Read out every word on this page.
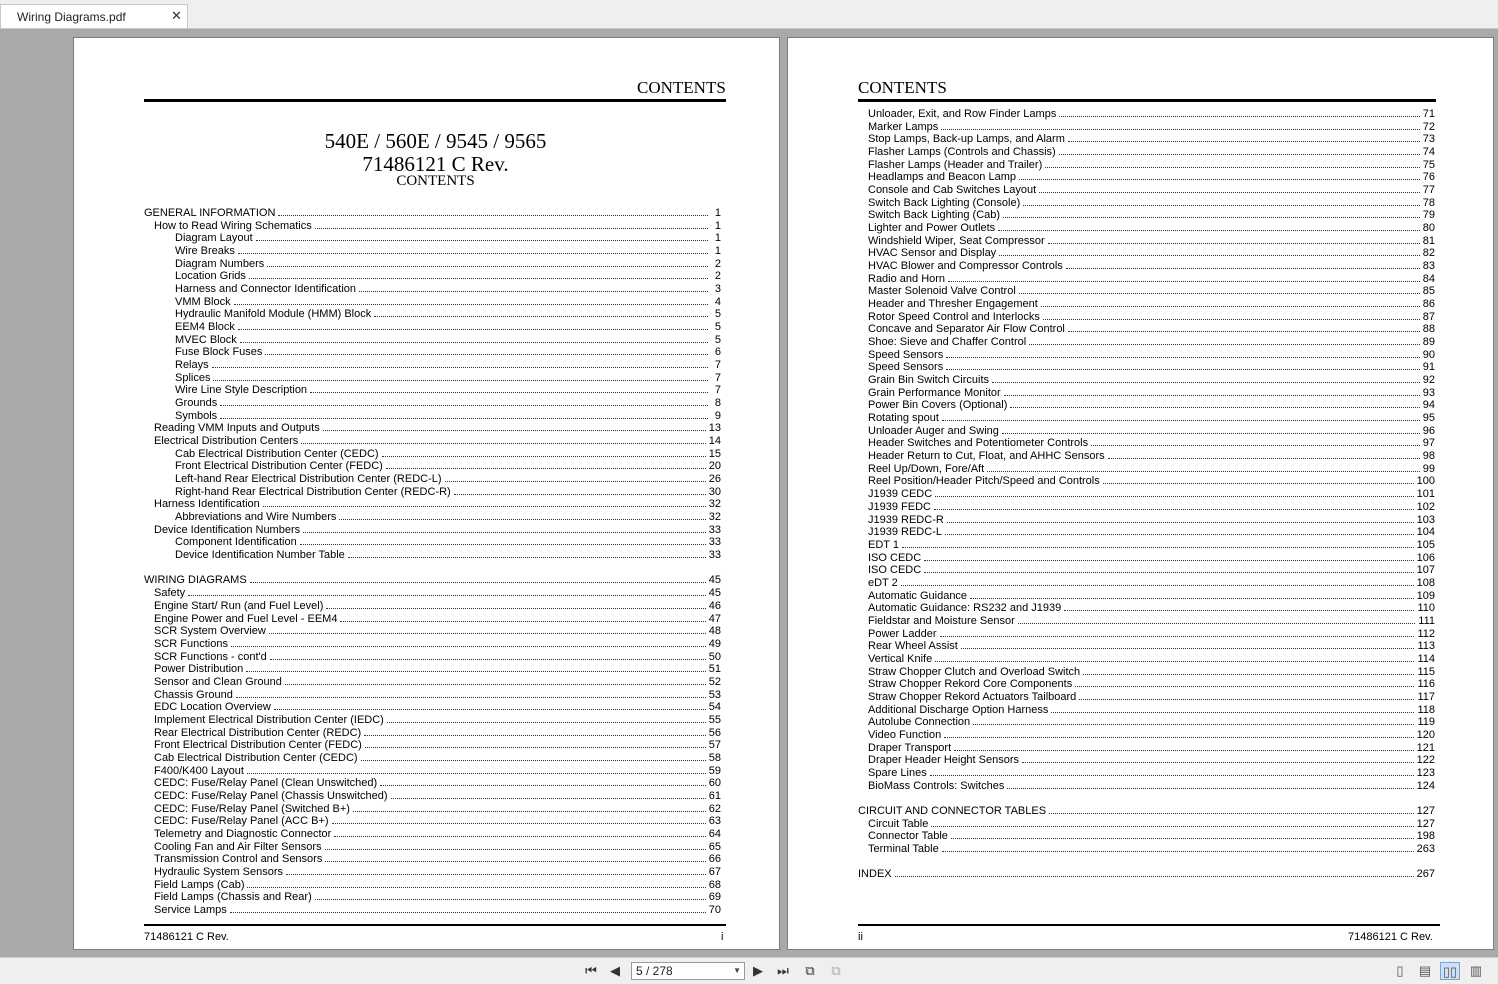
Wiring Diagrams.pdf	✕
CONTENTS
540E / 560E / 9545 / 9565
71486121 C Rev.
CONTENTS
GENERAL INFORMATION	1
How to Read Wiring Schematics	1
Diagram Layout	1
Wire Breaks	1
Diagram Numbers	2
Location Grids	2
Harness and Connector Identification	3
VMM Block	4
Hydraulic Manifold Module (HMM) Block	5
EEM4 Block	5
MVEC Block	5
Fuse Block Fuses	6
Relays	7
Splices	7
Wire Line Style Description	7
Grounds	8
Symbols	9
Reading VMM Inputs and Outputs	13
Electrical Distribution Centers	14
Cab Electrical Distribution Center (CEDC)	15
Front Electrical Distribution Center (FEDC)	20
Left-hand Rear Electrical Distribution Center (REDC-L)	26
Right-hand Rear Electrical Distribution Center (REDC-R)	30
Harness Identification	32
Abbreviations and Wire Numbers	32
Device Identification Numbers	33
Component Identification	33
Device Identification Number Table	33
WIRING DIAGRAMS	45
Safety	45
Engine Start/ Run (and Fuel Level)	46
Engine Power and Fuel Level - EEM4	47
SCR System Overview	48
SCR Functions	49
SCR Functions - cont'd	50
Power Distribution	51
Sensor and Clean Ground	52
Chassis Ground	53
EDC Location Overview	54
Implement Electrical Distribution Center (IEDC)	55
Rear Electrical Distribution Center (REDC)	56
Front Electrical Distribution Center (FEDC)	57
Cab Electrical Distribution Center (CEDC)	58
F400/K400 Layout	59
CEDC: Fuse/Relay Panel (Clean Unswitched)	60
CEDC: Fuse/Relay Panel (Chassis Unswitched)	61
CEDC: Fuse/Relay Panel (Switched B+)	62
CEDC: Fuse/Relay Panel (ACC B+)	63
Telemetry and Diagnostic Connector	64
Cooling Fan and Air Filter Sensors	65
Transmission Control and Sensors	66
Hydraulic System Sensors	67
Field Lamps (Cab)	68
Field Lamps (Chassis and Rear)	69
Service Lamps	70
71486121 C Rev.	i
CONTENTS
Unloader, Exit, and Row Finder Lamps	71
Marker Lamps	72
Stop Lamps, Back-up Lamps, and Alarm	73
Flasher Lamps (Controls and Chassis)	74
Flasher Lamps (Header and Trailer)	75
Headlamps and Beacon Lamp	76
Console and Cab Switches Layout	77
Switch Back Lighting (Console)	78
Switch Back Lighting (Cab)	79
Lighter and Power Outlets	80
Windshield Wiper, Seat Compressor	81
HVAC Sensor and Display	82
HVAC Blower and Compressor Controls	83
Radio and Horn	84
Master Solenoid Valve Control	85
Header and Thresher Engagement	86
Rotor Speed Control and Interlocks	87
Concave and Separator Air Flow Control	88
Shoe: Sieve and Chaffer Control	89
Speed Sensors	90
Speed Sensors	91
Grain Bin Switch Circuits	92
Grain Performance Monitor	93
Power Bin Covers (Optional)	94
Rotating spout	95
Unloader Auger and Swing	96
Header Switches and Potentiometer Controls	97
Header Return to Cut, Float, and AHHC Sensors	98
Reel Up/Down, Fore/Aft	99
Reel Position/Header Pitch/Speed and Controls	100
J1939 CEDC	101
J1939 FEDC	102
J1939 REDC-R	103
J1939 REDC-L	104
EDT 1	105
ISO CEDC	106
ISO CEDC	107
eDT 2	108
Automatic Guidance	109
Automatic Guidance: RS232 and J1939	110
Fieldstar and Moisture Sensor	111
Power Ladder	112
Rear Wheel Assist	113
Vertical Knife	114
Straw Chopper Clutch and Overload Switch	115
Straw Chopper Rekord Core Components	116
Straw Chopper Rekord Actuators Tailboard	117
Additional Discharge Option Harness	118
Autolube Connection	119
Video Function	120
Draper Transport	121
Draper Header Height Sensors	122
Spare Lines	123
BioMass Controls: Switches	124
CIRCUIT AND CONNECTOR TABLES	127
Circuit Table	127
Connector Table	198
Terminal Table	263
INDEX	267
ii	71486121 C Rev.
⏮	◀	5 / 278	▼ ▶	⏭	⧉	⧉	▯	▤ ▯▯ ▥
